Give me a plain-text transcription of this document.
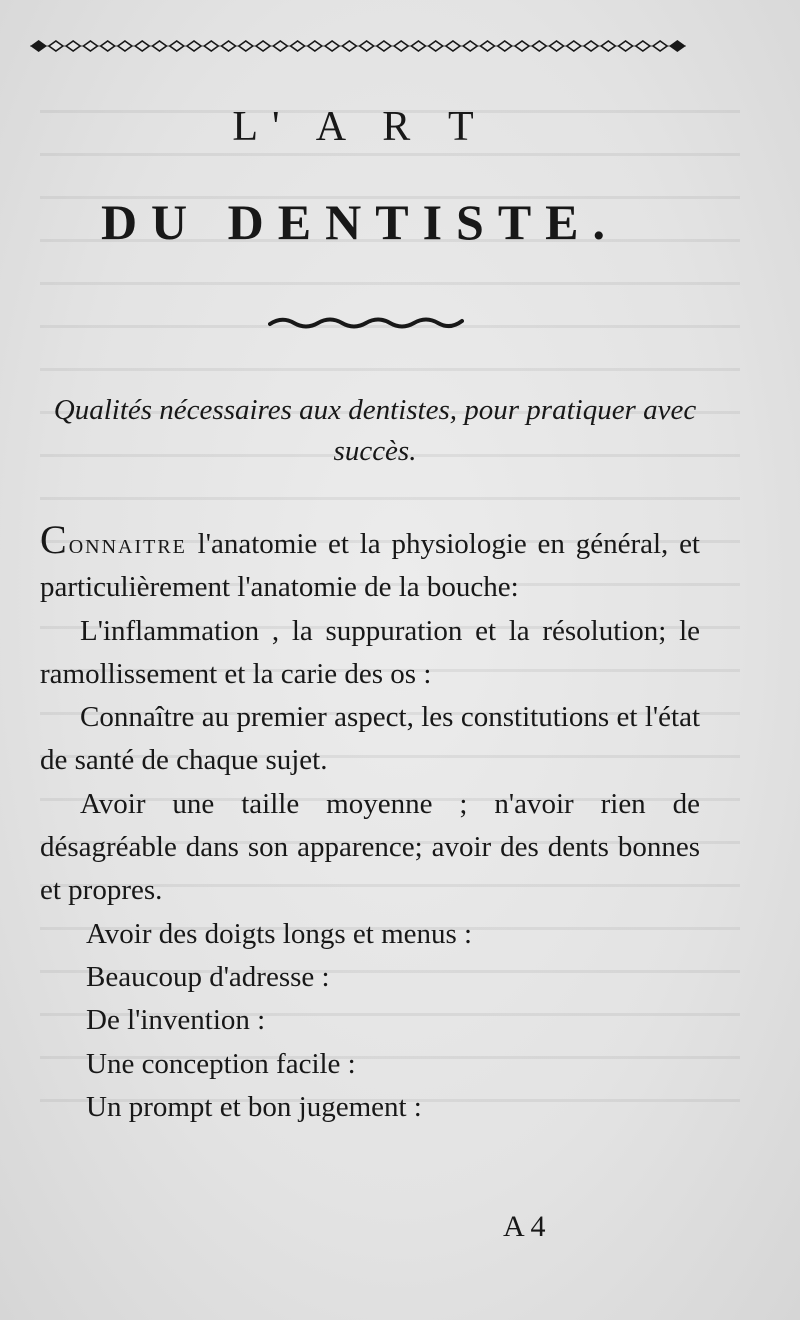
L' A R T
DU DENTISTE.
Qualités nécessaires aux dentistes, pour pratiquer avec succès.

Connaitre l'anatomie et la physiologie en général, et particulièrement l'anatomie de la bouche:

L'inflammation , la suppuration et la résolution; le ramollissement et la carie des os :

Connaître au premier aspect, les constitutions et l'état de santé de chaque sujet.

Avoir une taille moyenne ; n'avoir rien de désagréable dans son apparence; avoir des dents bonnes et propres.

Avoir des doigts longs et menus :

Beaucoup d'adresse :

De l'invention :

Une conception facile :

Un prompt et bon jugement :

A 4
